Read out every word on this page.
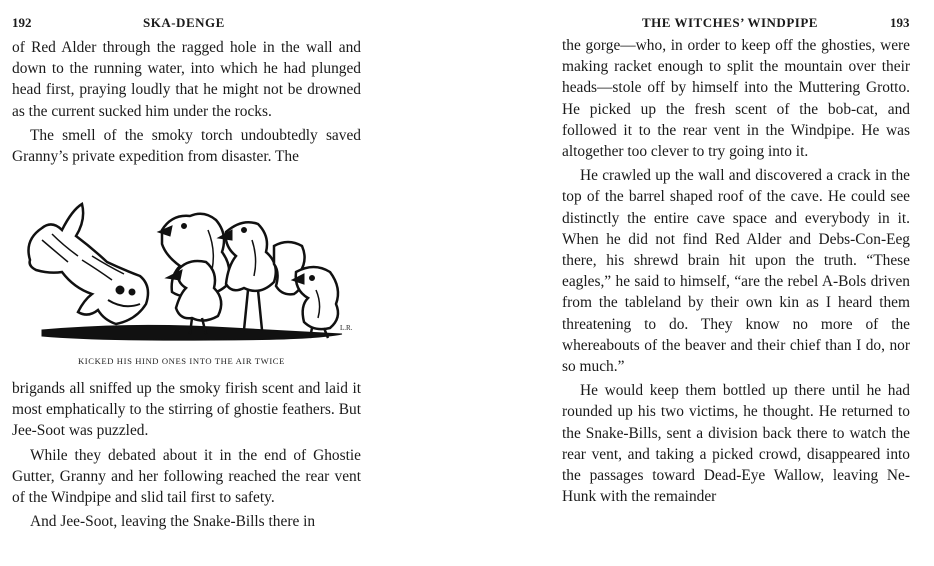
192	SKA-DENGE

of Red Alder through the ragged hole in the wall and down to the running water, into which he had plunged head first, praying loudly that he might not be drowned as the current sucked him under the rocks.

The smell of the smoky torch undoubtedly saved Granny’s private expedition from disaster. The

L.R.
KICKED HIS HIND ONES INTO THE AIR TWICE

brigands all sniffed up the smoky firish scent and laid it most emphatically to the stirring of ghostie feathers. But Jee-Soot was puzzled.

While they debated about it in the end of Ghostie Gutter, Granny and her following reached the rear vent of the Windpipe and slid tail first to safety.

And Jee-Soot, leaving the Snake-Bills there in

THE WITCHES’ WINDPIPE	193

the gorge—who, in order to keep off the ghosties, were making racket enough to split the mountain over their heads—stole off by himself into the Muttering Grotto. He picked up the fresh scent of the bob-cat, and followed it to the rear vent in the Windpipe. He was altogether too clever to try going into it.

He crawled up the wall and discovered a crack in the top of the barrel shaped roof of the cave. He could see distinctly the entire cave space and everybody in it. When he did not find Red Alder and Debs-Con-Eeg there, his shrewd brain hit upon the truth. “These eagles,” he said to himself, “are the rebel A-Bols driven from the tableland by their own kin as I heard them threatening to do. They know no more of the whereabouts of the beaver and their chief than I do, nor so much.”

He would keep them bottled up there until he had rounded up his two victims, he thought. He returned to the Snake-Bills, sent a division back there to watch the rear vent, and taking a picked crowd, disappeared into the passages toward Dead-Eye Wallow, leaving Ne-Hunk with the remainder
